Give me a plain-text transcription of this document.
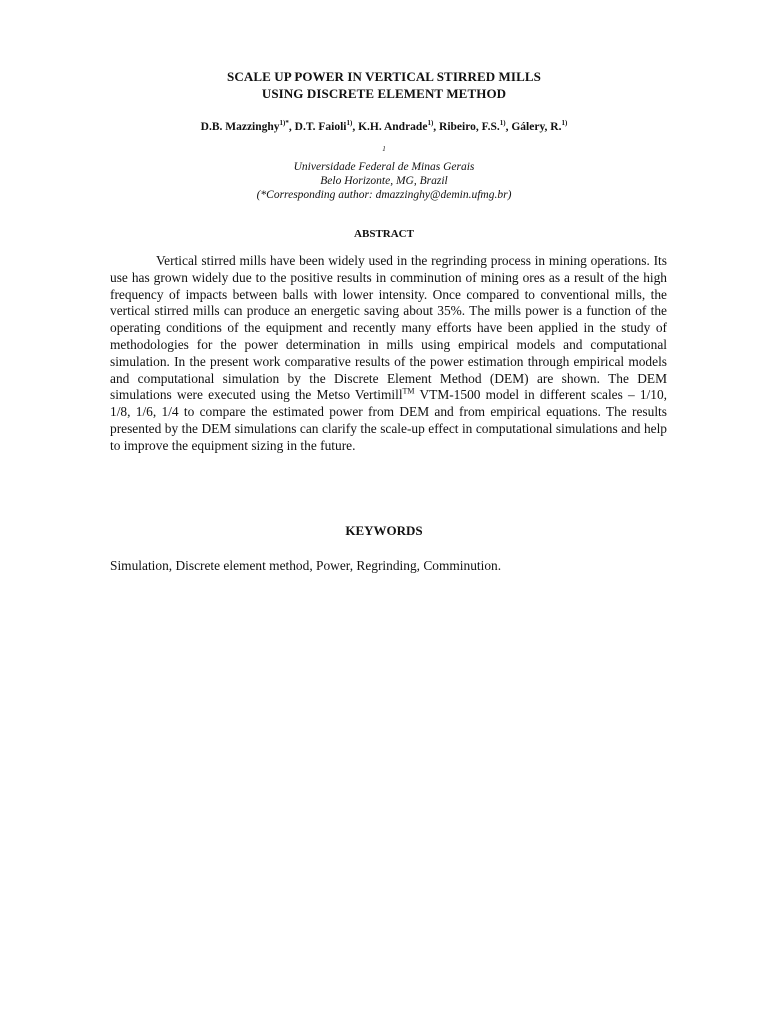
SCALE UP POWER IN VERTICAL STIRRED MILLS
USING DISCRETE ELEMENT METHOD
D.B. Mazzinghy$^{1)*}$, D.T. Faioli$^{1)}$, K.H. Andrade$^{1)}$, Ribeiro, F.S.$^{1)}$, Gálery, R.$^{1)}$
$^1$
Universidade Federal de Minas Gerais
Belo Horizonte, MG, Brazil
(*Corresponding author: dmazzinghy@demin.ufmg.br)
ABSTRACT

Vertical stirred mills have been widely used in the regrinding process in mining operations. Its use has grown widely due to the positive results in comminution of mining ores as a result of the high frequency of impacts between balls with lower intensity. Once compared to conventional mills, the vertical stirred mills can produce an energetic saving about 35%. The mills power is a function of the operating conditions of the equipment and recently many efforts have been applied in the study of methodologies for the power determination in mills using empirical models and computational simulation. In the present work comparative results of the power estimation through empirical models and computational simulation by the Discrete Element Method (DEM) are shown. The DEM simulations were executed using the Metso Vertimill™ VTM-1500 model in different scales – 1/10, 1/8, 1/6, 1/4 to compare the estimated power from DEM and from empirical equations. The results presented by the DEM simulations can clarify the scale-up effect in computational simulations and help to improve the equipment sizing in the future.

KEYWORDS
Simulation, Discrete element method, Power, Regrinding, Comminution.
